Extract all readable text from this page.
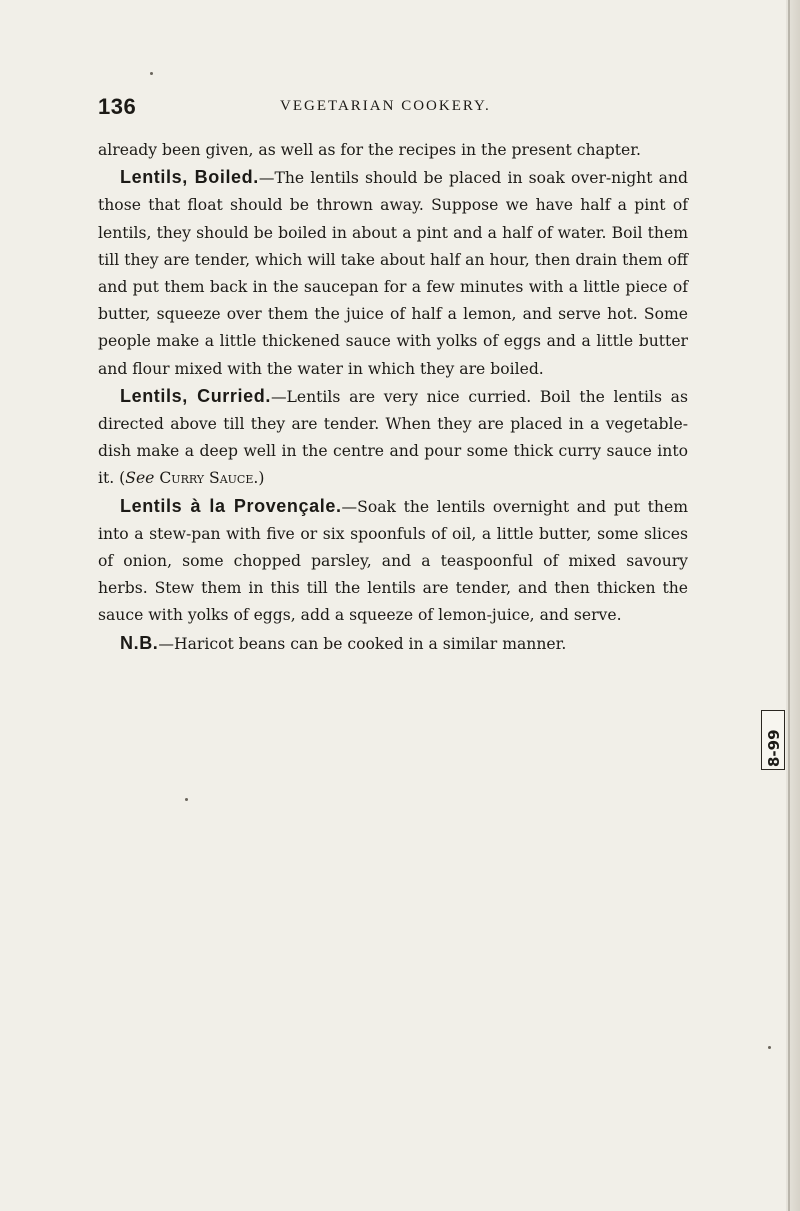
136	VEGETARIAN COOKERY.

already been given, as well as for the recipes in the present chapter.

Lentils, Boiled.—The lentils should be placed in soak over-night and those that float should be thrown away. Suppose we have half a pint of lentils, they should be boiled in about a pint and a half of water. Boil them till they are tender, which will take about half an hour, then drain them off and put them back in the saucepan for a few minutes with a little piece of butter, squeeze over them the juice of half a lemon, and serve hot. Some people make a little thickened sauce with yolks of eggs and a little butter and flour mixed with the water in which they are boiled.

Lentils, Curried.—Lentils are very nice curried. Boil the lentils as directed above till they are tender. When they are placed in a vegetable-dish make a deep well in the centre and pour some thick curry sauce into it. (See Curry Sauce.)

Lentils à la Provençale.—Soak the lentils overnight and put them into a stew-pan with five or six spoonfuls of oil, a little butter, some slices of onion, some chopped parsley, and a teaspoonful of mixed savoury herbs. Stew them in this till the lentils are tender, and then thicken the sauce with yolks of eggs, add a squeeze of lemon-juice, and serve.

N.B.—Haricot beans can be cooked in a similar manner.

8-99
